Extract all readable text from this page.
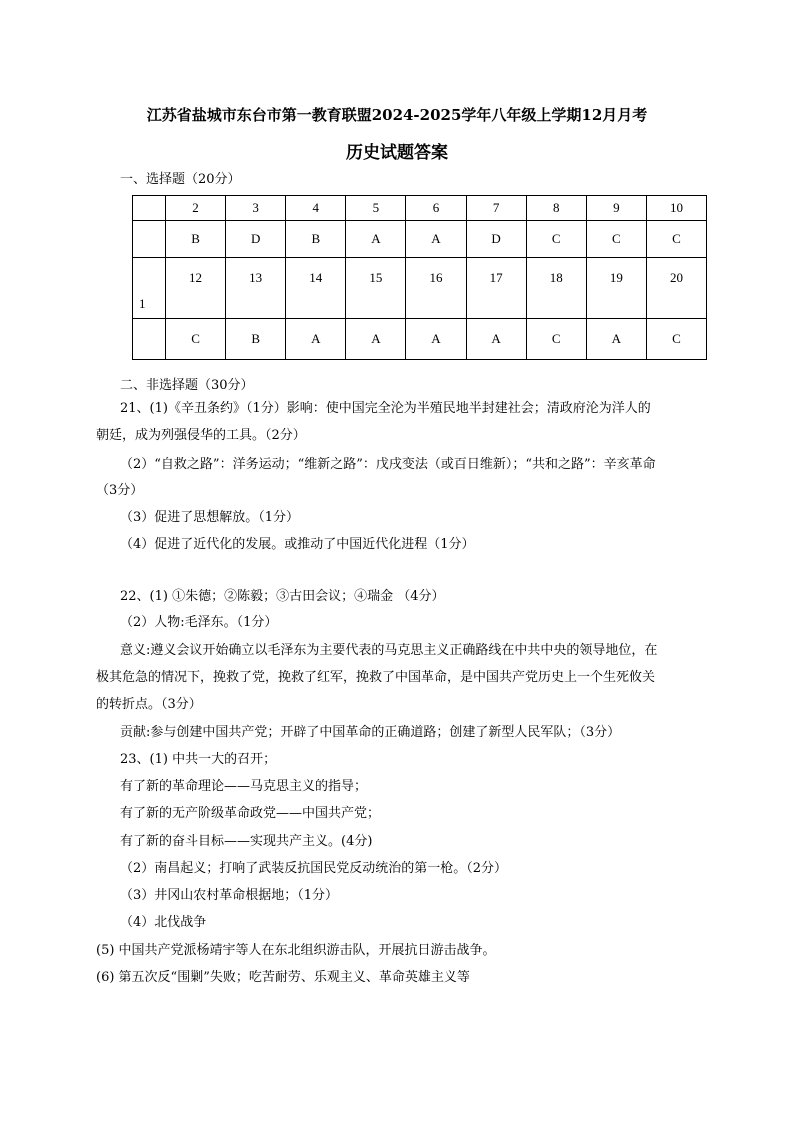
江苏省盐城市东台市第一教育联盟2024-2025学年八年级上学期12月月考
历史试题答案
一、选择题（20分）
	2	3	4	5	6	7	8	9	10
	B	D	B	A	A	D	C	C	C
1	12	13	14	15	16	17	18	19	20
	C	B	A	A	A	A	C	A	C
二、非选择题（30分）
21、(1)《辛丑条约》（1分）影响：使中国完全沦为半殖民地半封建社会；清政府沦为洋人的
朝廷，成为列强侵华的工具。（2分）
（2）“自救之路”：洋务运动；“维新之路”：戊戌变法（或百日维新）；“共和之路”：辛亥革命
（3分）
（3）促进了思想解放。（1分）
（4）促进了近代化的发展。或推动了中国近代化进程（1分）
22、(1) ①朱德；②陈毅；③古田会议；④瑞金 （4分）
（2）人物:毛泽东。（1分）
意义:遵义会议开始确立以毛泽东为主要代表的马克思主义正确路线在中共中央的领导地位，在
极其危急的情况下，挽救了党，挽救了红军，挽救了中国革命，是中国共产党历史上一个生死攸关
的转折点。（3分）
贡献:参与创建中国共产党；开辟了中国革命的正确道路；创建了新型人民军队；（3分）
23、(1) 中共一大的召开；
有了新的革命理论——马克思主义的指导；
有了新的无产阶级革命政党——中国共产党；
有了新的奋斗目标——实现共产主义。(4分)
（2）南昌起义；打响了武装反抗国民党反动统治的第一枪。（2分）
（3）井冈山农村革命根据地；（1分）
（4）北伐战争
(5) 中国共产党派杨靖宇等人在东北组织游击队，开展抗日游击战争。
(6) 第五次反“围剿”失败；吃苦耐劳、乐观主义、革命英雄主义等
